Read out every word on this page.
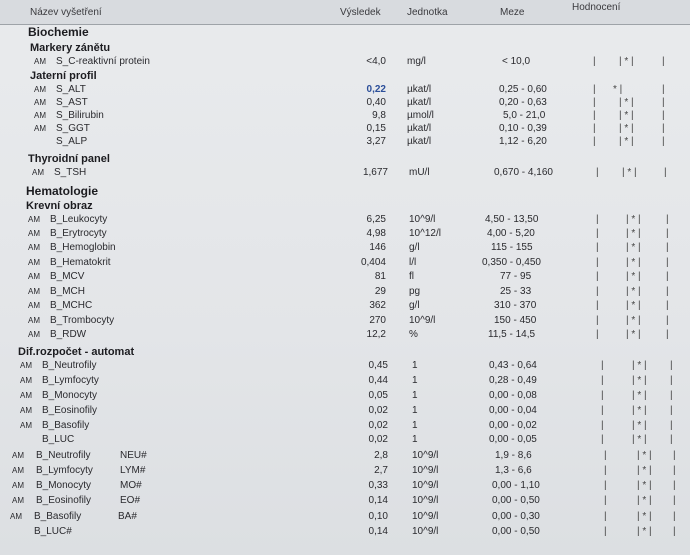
Název vyšetření	Výsledek	Jednotka	Meze	Hodnocení
Biochemie
Markery zánětu
AM S_C-reaktivní protein	<4,0 mg/l	< 10,0	| | * |	|
Jaterní profil
AM S_ALT	0,22 µkat/l	0,25 - 0,60	| * |	|
AM S_AST	0,40 µkat/l	0,20 - 0,63	| | * |	|
AM S_Bilirubin	9,8 µmol/l	5,0 - 21,0	| | * |	|
AM S_GGT	0,15 µkat/l	0,10 - 0,39	| | * |	|
S_ALP	3,27 µkat/l	1,12 - 6,20	| | * |	|
Thyroidní panel
AM S_TSH	1,677 mU/l	0,670 - 4,160	| | * |	|
Hematologie
Krevní obraz
AM B_Leukocyty	6,25 10^9/l	4,50 - 13,50	|	| * |	|
AM B_Erytrocyty	4,98 10^12/l	4,00 - 5,20	|	| * |	|
AM B_Hemoglobin	146 g/l	115 - 155	|	| * |	|
AM B_Hematokrit	0,404 l/l	0,350 - 0,450	|	| * |	|
AM B_MCV	81 fl	77 - 95	|	| * |	|
AM B_MCH	29 pg	25 - 33	|	| * |	|
AM B_MCHC	362 g/l	310 - 370	|	| * |	|
AM B_Trombocyty	270 10^9/l	150 - 450	|	| * |	|
AM B_RDW	12,2 %	11,5 - 14,5	|	| * |	|
Dif.rozpočet - automat
AM B_Neutrofily	0,45 1	0,43 - 0,64	|	| * | |
AM B_Lymfocyty	0,44 1	0,28 - 0,49	|	| * | |
AM B_Monocyty	0,05 1	0,00 - 0,08	|	| * | |
AM B_Eosinofily	0,02 1	0,00 - 0,04	|	| * | |
AM B_Basofily	0,02 1	0,00 - 0,02	|	| * | |
B_LUC	0,02 1	0,00 - 0,05	|	| * | |
AM B_Neutrofily	NEU#	2,8 10^9/l	1,9 - 8,6	|	| * | |
AM B_Lymfocyty	LYM#	2,7 10^9/l	1,3 - 6,6	|	| * | |
AM B_Monocyty	MO#	0,33 10^9/l	0,00 - 1,10	|	| * | |
AM B_Eosinofily	EO#	0,14 10^9/l	0,00 - 0,50	|	| * | |
AM B_Basofily	BA#	0,10 10^9/l	0,00 - 0,30	|	| * | |
B_LUC#	0,14 10^9/l	0,00 - 0,50	|	| * | |
